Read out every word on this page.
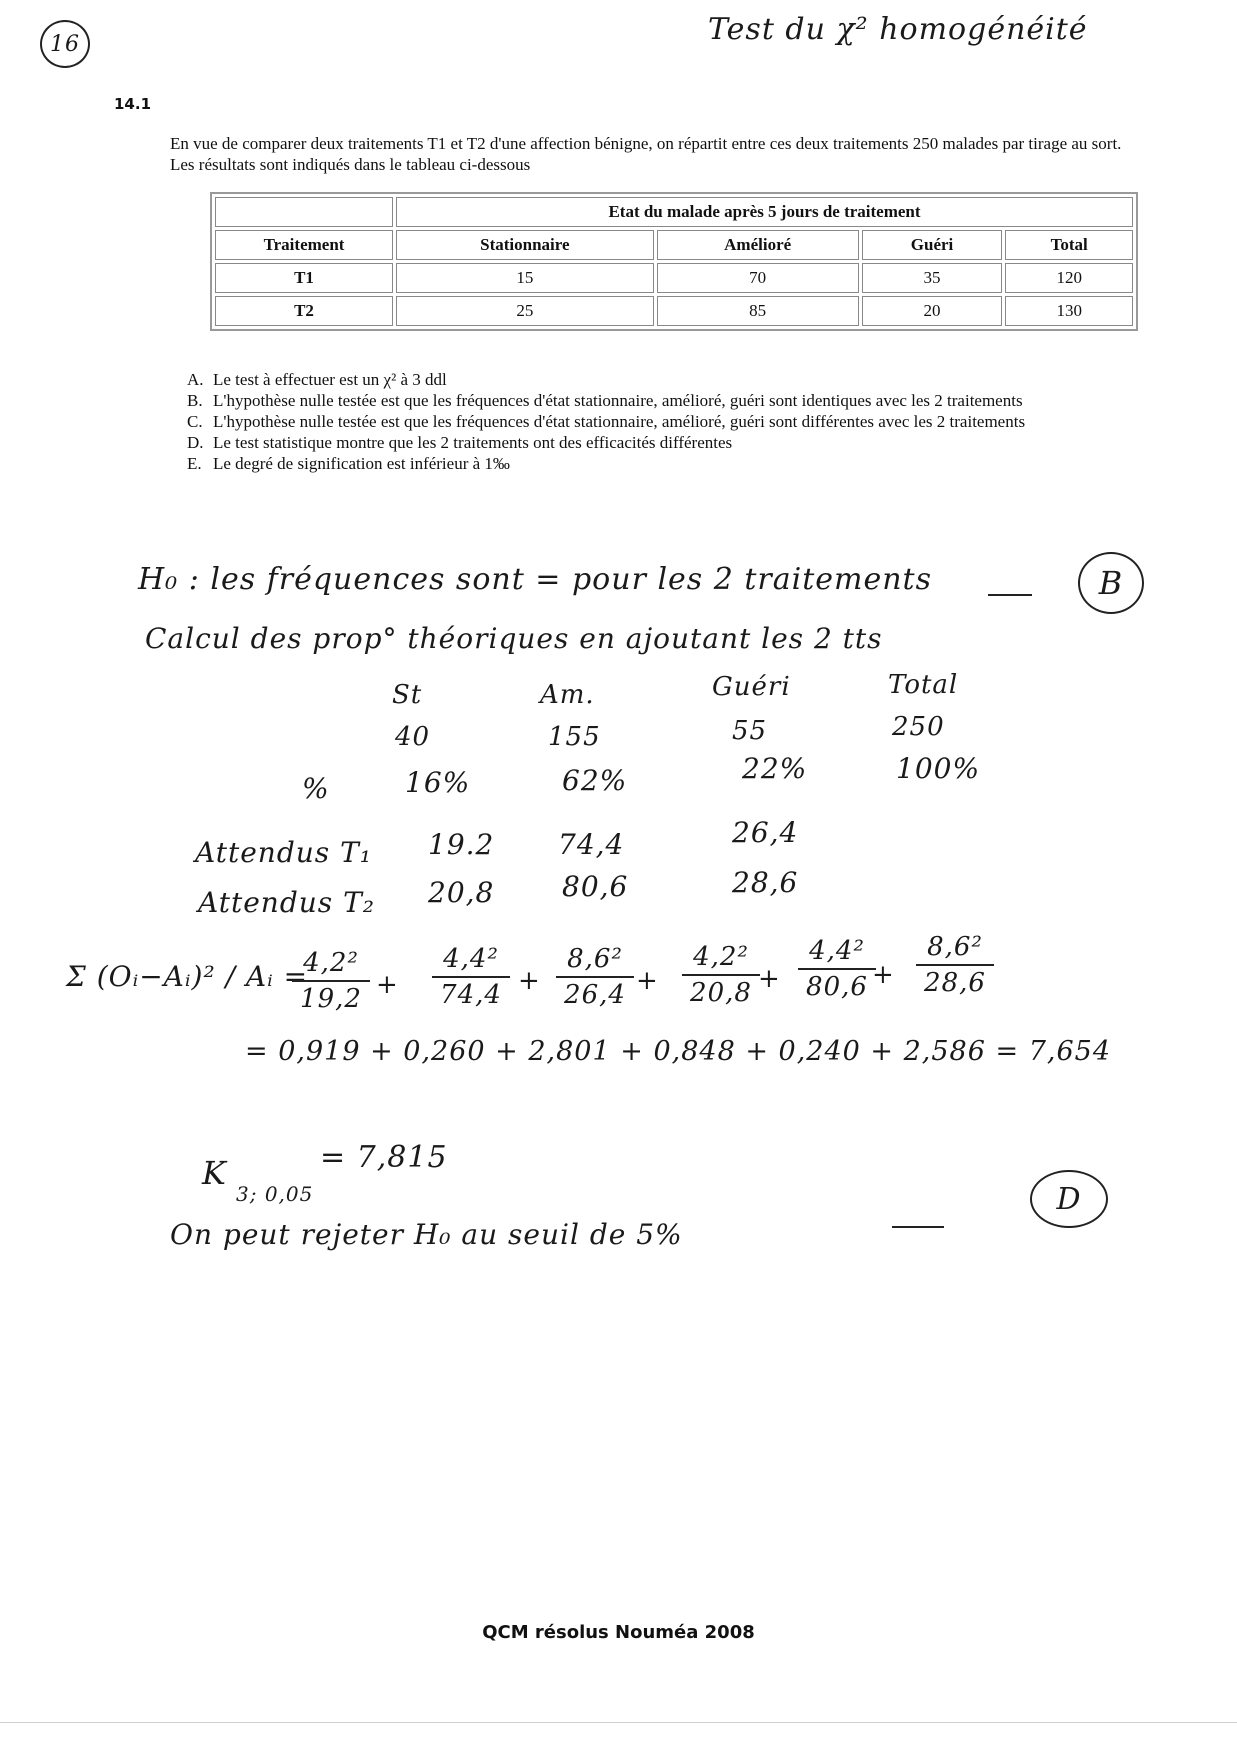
16	Test du χ² homogénéité
14.1
En vue de comparer deux traitements T1 et T2 d'une affection bénigne, on répartit entre ces deux traitements 250 malades par tirage au sort. Les résultats sont indiqués dans le tableau ci-dessous
	Etat du malade après 5 jours de traitement			
Traitement	Stationnaire	Amélioré	Guéri	Total
T1	15	70	35	120
T2	25	85	20	130
A. Le test à effectuer est un χ² à 3 ddl
B. L'hypothèse nulle testée est que les fréquences d'état stationnaire, amélioré, guéri sont identiques avec les 2 traitements
C. L'hypothèse nulle testée est que les fréquences d'état stationnaire, amélioré, guéri sont différentes avec les 2 traitements
D. Le test statistique montre que les 2 traitements ont des efficacités différentes
E. Le degré de signification est inférieur à 1‰
H₀ : les fréquences sont = pour les 2 traitements	B
Calcul des prop° théoriques en ajoutant les 2 tts
St	Am.	Guéri	Total
40	155	55	250
%	16%	62%	22%	100%
Attendus T₁ 19.2 74,4	26,4
Attendus T₂ 20,8 80,6	28,6
Σ (Oᵢ−Aᵢ)² / Aᵢ =
4,2²
19,2 +
4,4²
74,4 +
8,6²
26,4 +
4,2²
20,8 +
4,4²
80,6 +
8,6²
28,6
= 0,919 + 0,260 + 2,801 + 0,848 + 0,240 + 2,586 = 7,654
K
3; 0,05
= 7,815
On peut rejeter H₀ au seuil de 5%
D
QCM résolus Nouméa 2008
